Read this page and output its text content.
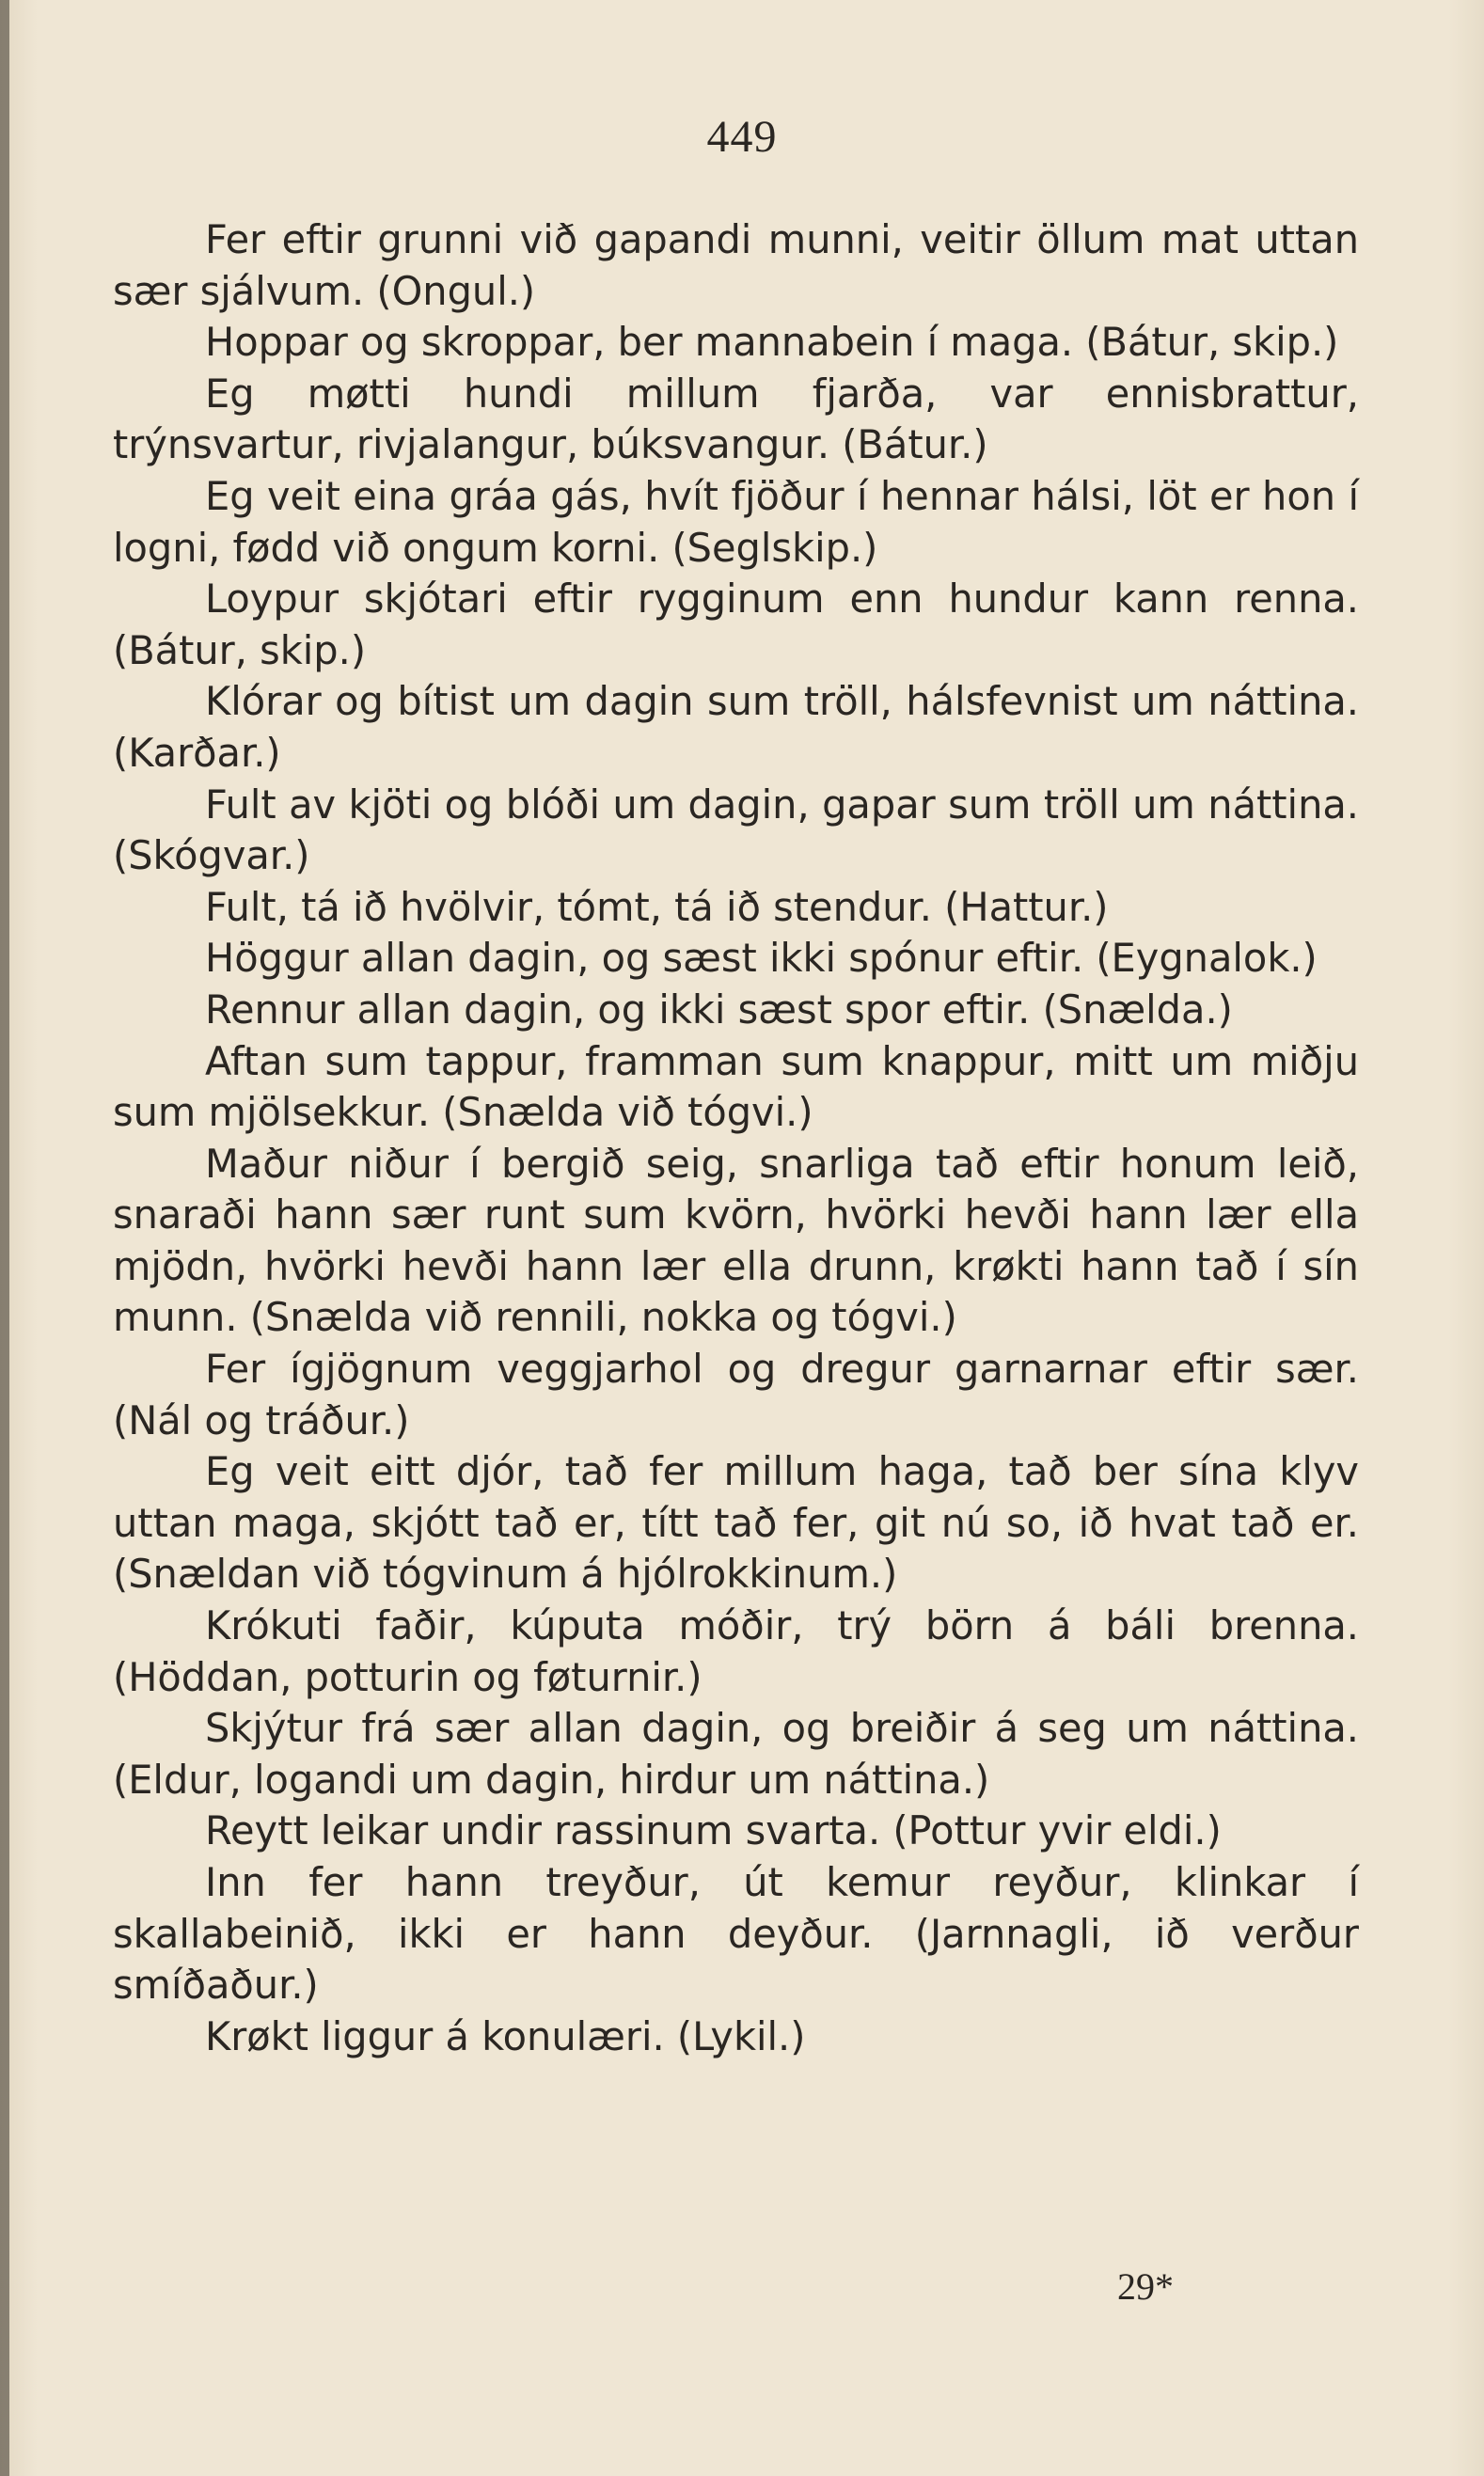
449

Fer eftir grunni við gapandi munni, veitir öllum mat uttan sær sjálvum. (Ongul.)

Hoppar og skroppar, ber mannabein í maga. (Bátur, skip.)

Eg møtti hundi millum fjarða, var ennisbrattur, trýnsvartur, rivjalangur, búksvangur. (Bátur.)

Eg veit eina gráa gás, hvít fjöður í hennar hálsi, löt er hon í logni, fødd við ongum korni. (Seglskip.)

Loypur skjótari eftir rygginum enn hundur kann renna. (Bátur, skip.)

Klórar og bítist um dagin sum tröll, hálsfevnist um náttina. (Karðar.)

Fult av kjöti og blóði um dagin, gapar sum tröll um náttina. (Skógvar.)

Fult, tá ið hvölvir, tómt, tá ið stendur. (Hattur.)

Höggur allan dagin, og sæst ikki spónur eftir. (Eygnalok.)

Rennur allan dagin, og ikki sæst spor eftir. (Snælda.)

Aftan sum tappur, framman sum knappur, mitt um miðju sum mjölsekkur. (Snælda við tógvi.)

Maður niður í bergið seig, snarliga tað eftir honum leið, snaraði hann sær runt sum kvörn, hvörki hevði hann lær ella mjödn, hvörki hevði hann lær ella drunn, krøkti hann tað í sín munn. (Snælda við rennili, nokka og tógvi.)

Fer ígjögnum veggjarhol og dregur garnarnar eftir sær. (Nál og tráður.)

Eg veit eitt djór, tað fer millum haga, tað ber sína klyv uttan maga, skjótt tað er, títt tað fer, git nú so, ið hvat tað er. (Snældan við tógvinum á hjólrokkinum.)

Krókuti faðir, kúputa móðir, trý börn á báli brenna. (Höddan, potturin og føturnir.)

Skjýtur frá sær allan dagin, og breiðir á seg um náttina. (Eldur, logandi um dagin, hirdur um náttina.)

Reytt leikar undir rassinum svarta. (Pottur yvir eldi.)

Inn fer hann treyður, út kemur reyður, klinkar í skallabeinið, ikki er hann deyður. (Jarnnagli, ið verður smíðaður.)

Krøkt liggur á konulæri. (Lykil.)

29*
